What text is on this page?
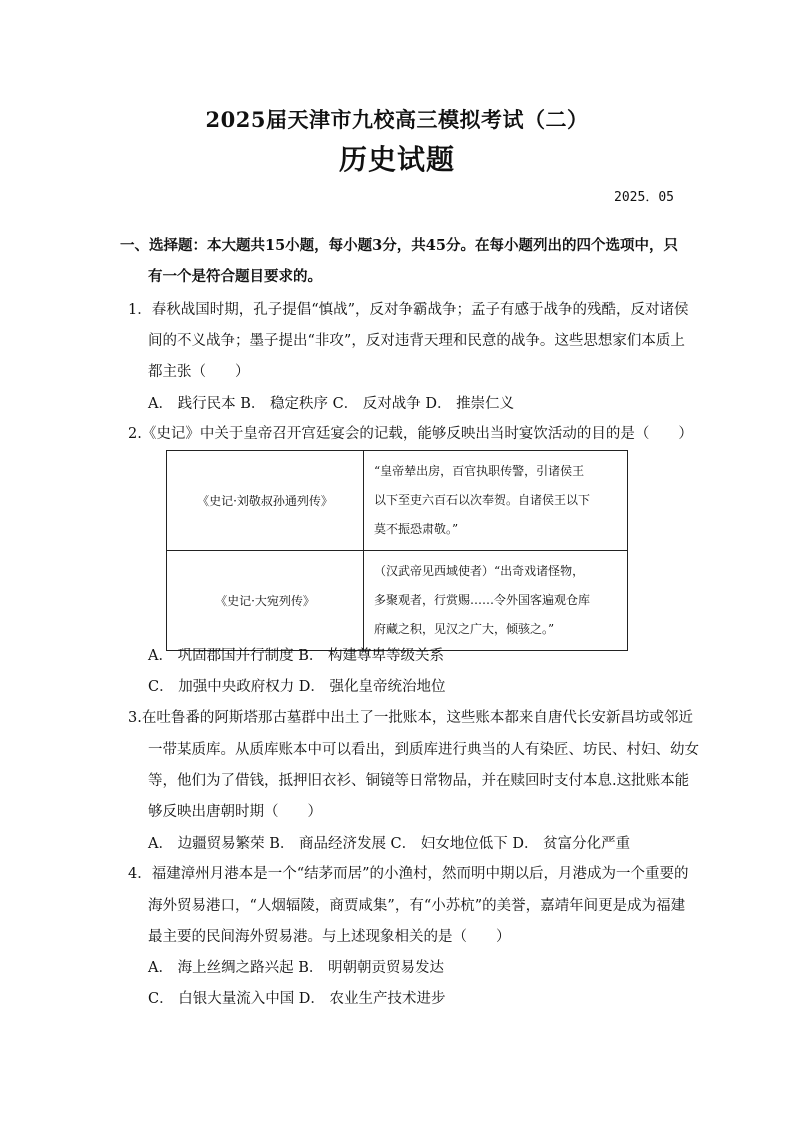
2025届天津市九校高三模拟考试（二）
历史试题
2025．05
一、选择题：本大题共15小题，每小题3分，共45分。在每小题列出的四个选项中，只
有一个是符合题目要求的。
1．春秋战国时期，孔子提倡“慎战”，反对争霸战争；孟子有感于战争的残酷，反对诸侯
间的不义战争；墨子提出“非攻”，反对违背天理和民意的战争。这些思想家们本质上
都主张（　　）
A． 践行民本 B． 稳定秩序 C． 反对战争 D． 推崇仁义
2.《史记》中关于皇帝召开宫廷宴会的记载，能够反映出当时宴饮活动的目的是（　　）
《史记·刘敬叔孙通列传》	“皇帝辇出房，百官执职传警，引诸侯王
以下至吏六百石以次奉贺。自诸侯王以下
莫不振恐肃敬。”

《史记·大宛列传》	（汉武帝见西域使者）“出奇戏诸怪物，
多聚观者，行赏赐……令外国客遍观仓库
府藏之积，见汉之广大，倾骇之。”
A． 巩固郡国并行制度 B． 构建尊卑等级关系
C． 加强中央政府权力 D． 强化皇帝统治地位
3.在吐鲁番的阿斯塔那古墓群中出土了一批账本，这些账本都来自唐代长安新昌坊或邻近
一带某质库。从质库账本中可以看出，到质库进行典当的人有染匠、坊民、村妇、幼女
等，他们为了借钱，抵押旧衣衫、铜镜等日常物品，并在赎回时支付本息.这批账本能
够反映出唐朝时期（　　）
A． 边疆贸易繁荣 B． 商品经济发展 C． 妇女地位低下 D． 贫富分化严重
4．福建漳州月港本是一个“结茅而居”的小渔村，然而明中期以后，月港成为一个重要的
海外贸易港口，“人烟辐陵，商贾咸集”，有“小苏杭”的美誉，嘉靖年间更是成为福建
最主要的民间海外贸易港。与上述现象相关的是（　　）
A． 海上丝绸之路兴起 B． 明朝朝贡贸易发达
C． 白银大量流入中国 D． 农业生产技术进步
